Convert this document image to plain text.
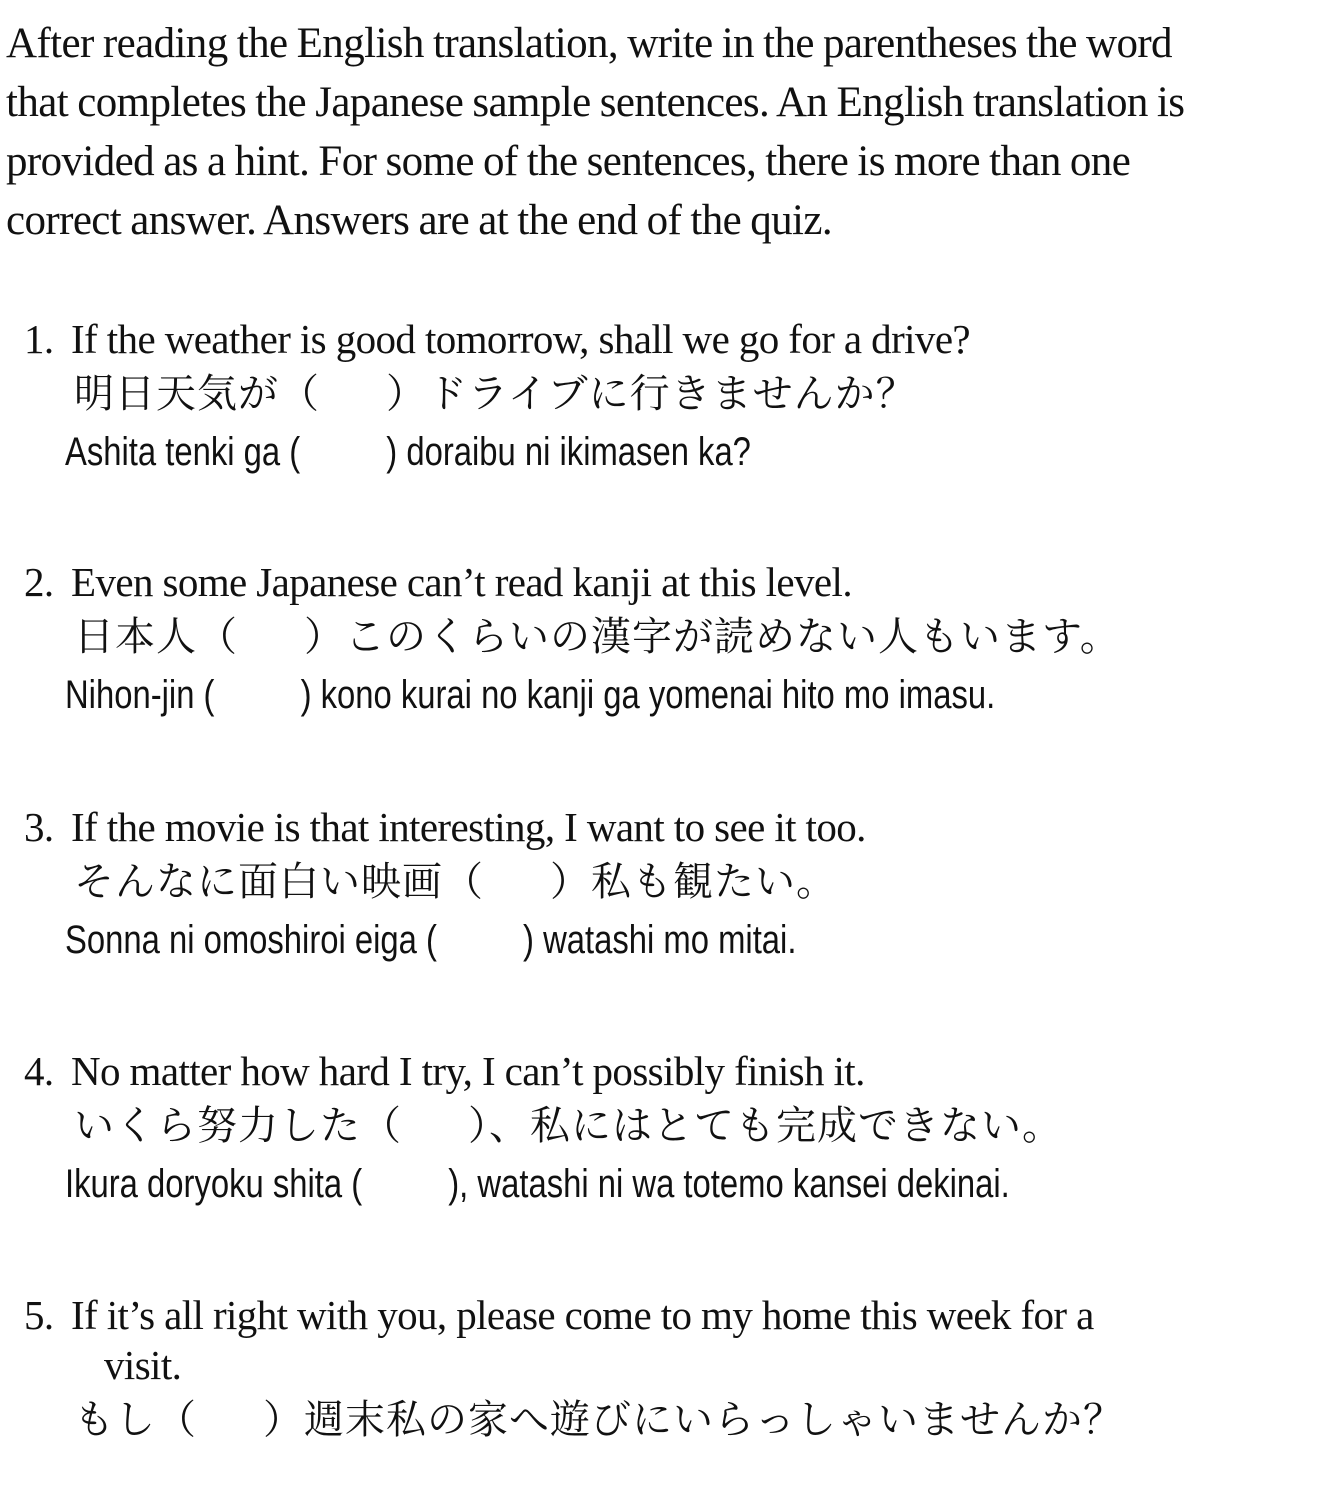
After reading the English translation, write in the parentheses the word
that completes the Japanese sample sentences. An English translation is
provided as a hint. For some of the sentences, there is more than one
correct answer. Answers are at the end of the quiz.
1. If the weather is good tomorrow, shall we go for a drive?
明日天気が（ ）ドライブに行きませんか？
Ashita tenki ga ( ) doraibu ni ikimasen ka?
2. Even some Japanese can’t read kanji at this level.
日本人（ ）このくらいの漢字が読めない人もいます。
Nihon-jin ( ) kono kurai no kanji ga yomenai hito mo imasu.
3. If the movie is that interesting, I want to see it too.
そんなに面白い映画（ ）私も観たい。
Sonna ni omoshiroi eiga ( ) watashi mo mitai.
4. No matter how hard I try, I can’t possibly finish it.
いくら努力した（ ）、私にはとても完成できない。
Ikura doryoku shita ( ), watashi ni wa totemo kansei dekinai.
5. If it’s all right with you, please come to my home this week for a
visit.
もし（ ）週末私の家へ遊びにいらっしゃいませんか？
